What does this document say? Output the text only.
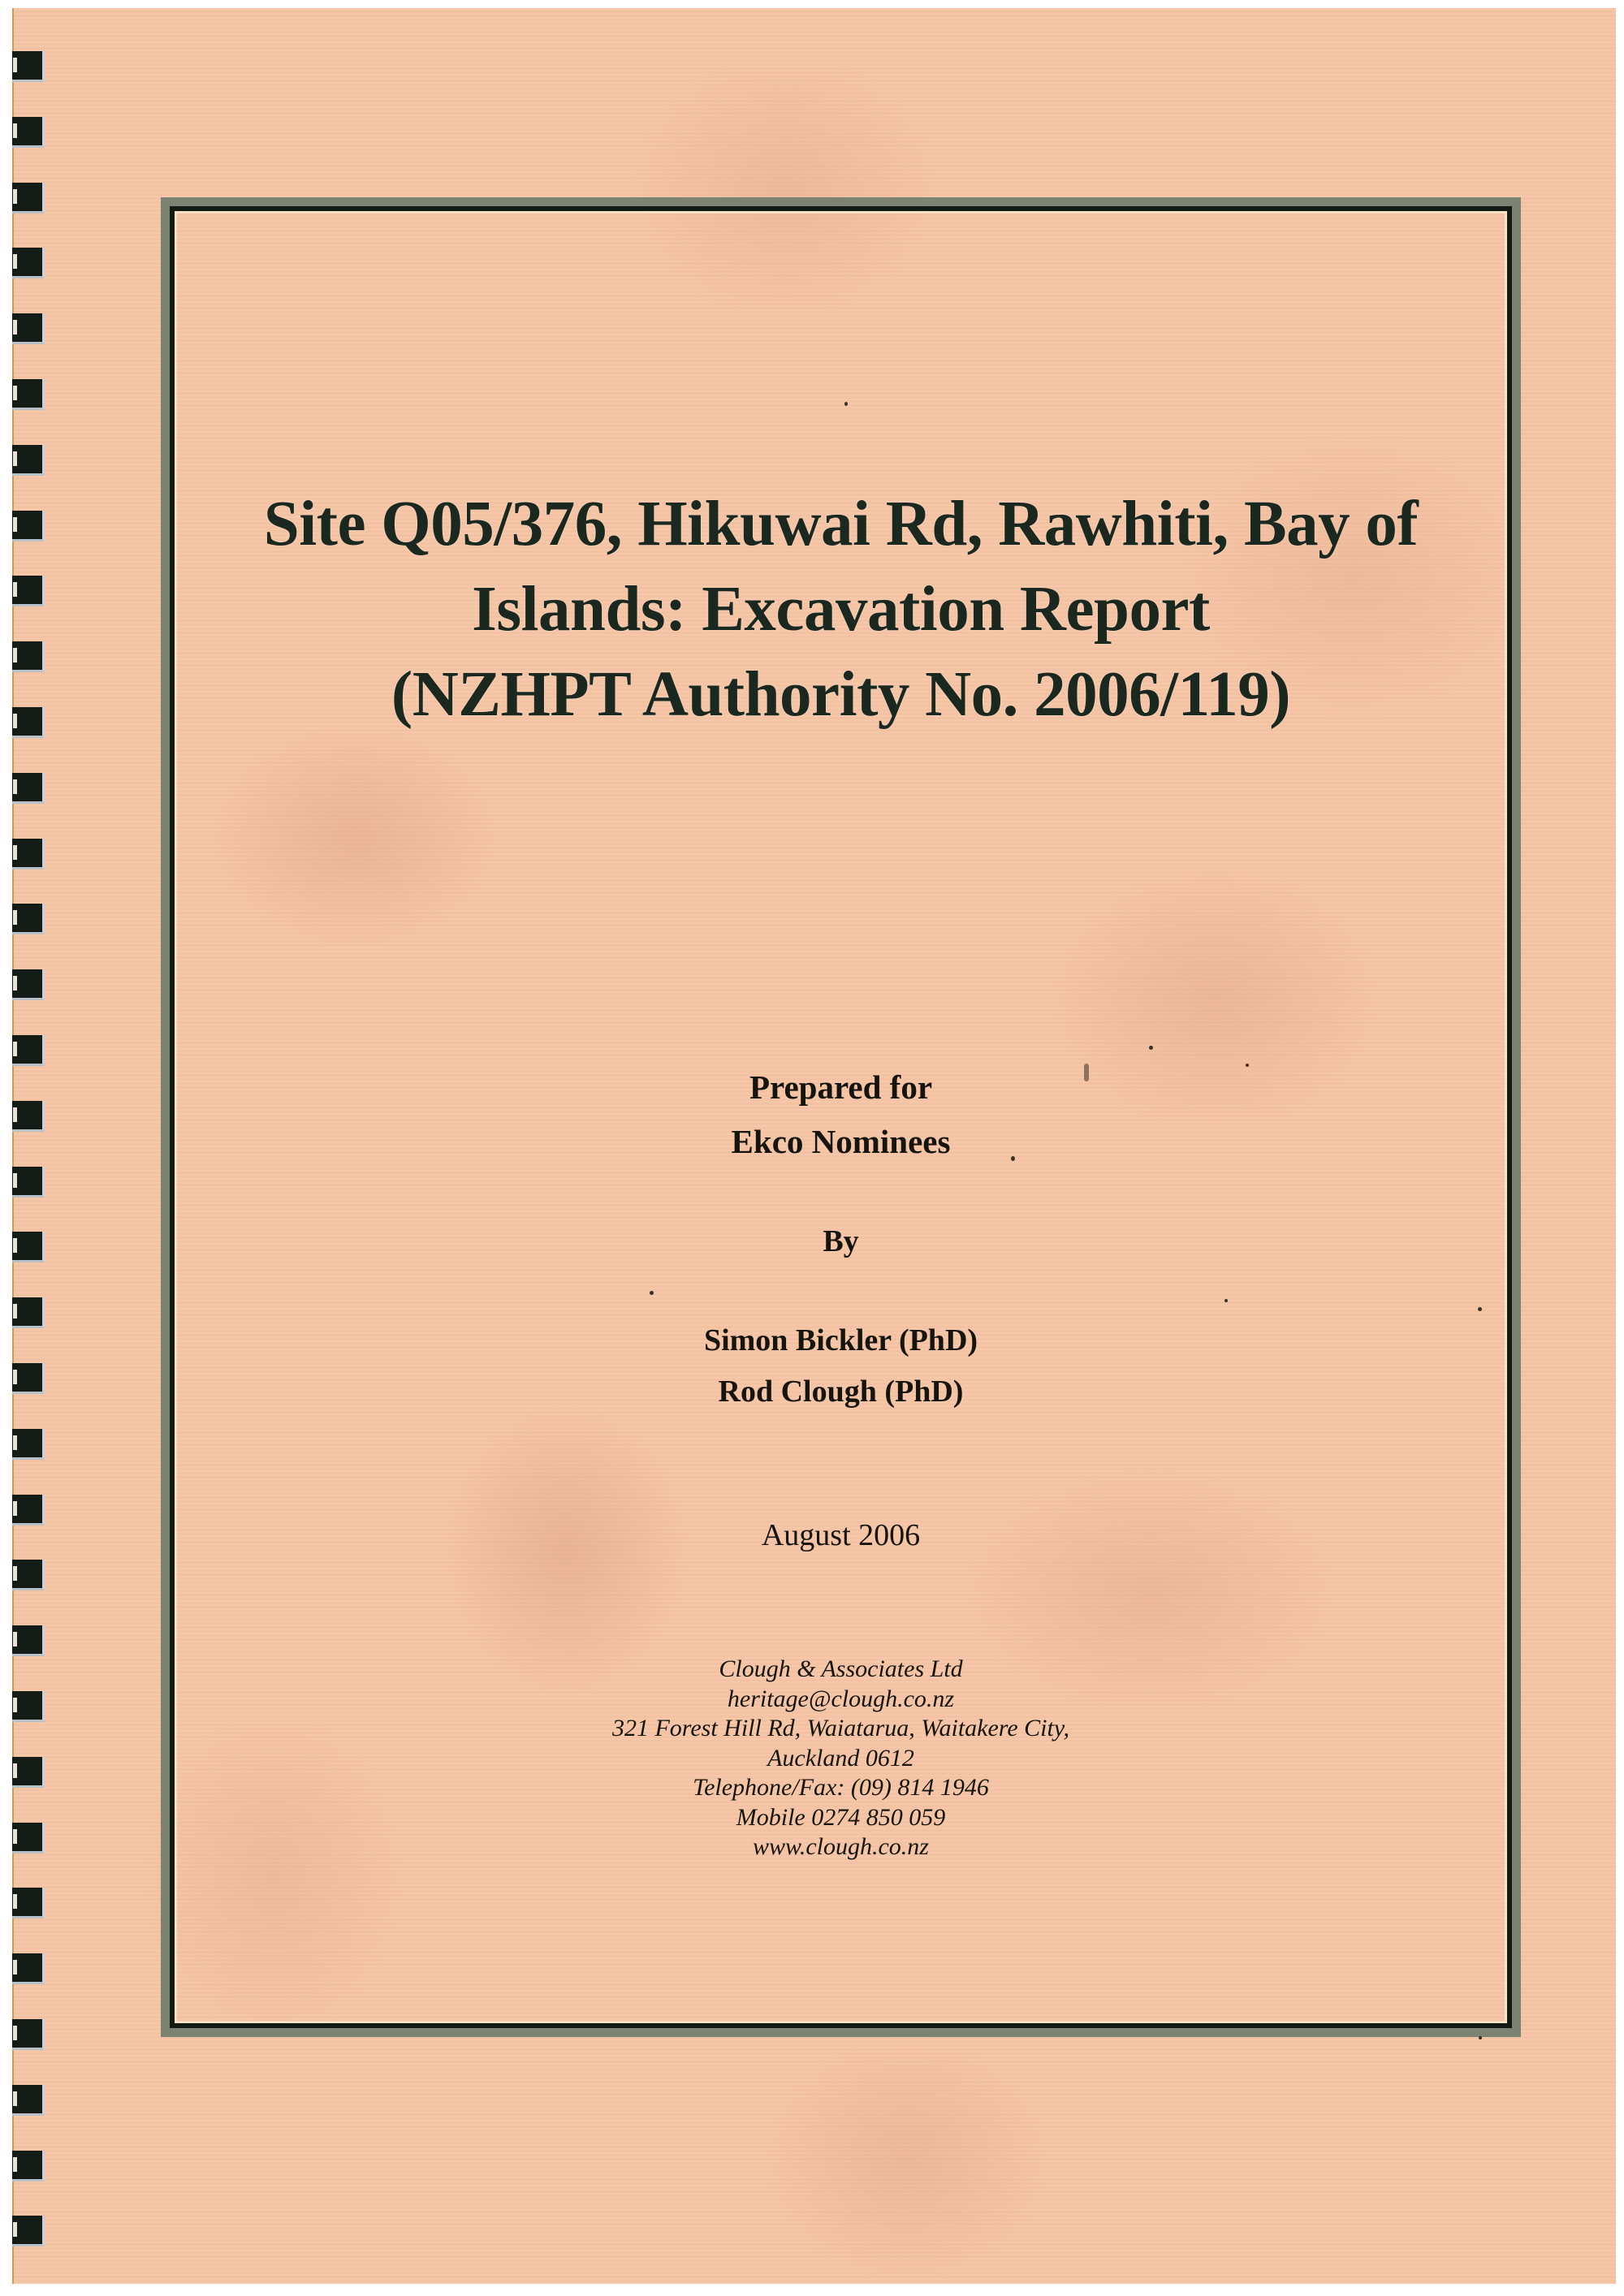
Site Q05/376, Hikuwai Rd, Rawhiti, Bay of
Islands: Excavation Report
(NZHPT Authority No. 2006/119)
Prepared for
Ekco Nominees
By
Simon Bickler (PhD)
Rod Clough (PhD)
August 2006
Clough & Associates Ltd
heritage@clough.co.nz
321 Forest Hill Rd, Waiatarua, Waitakere City,
Auckland 0612
Telephone/Fax: (09) 814 1946
Mobile 0274 850 059
www.clough.co.nz
